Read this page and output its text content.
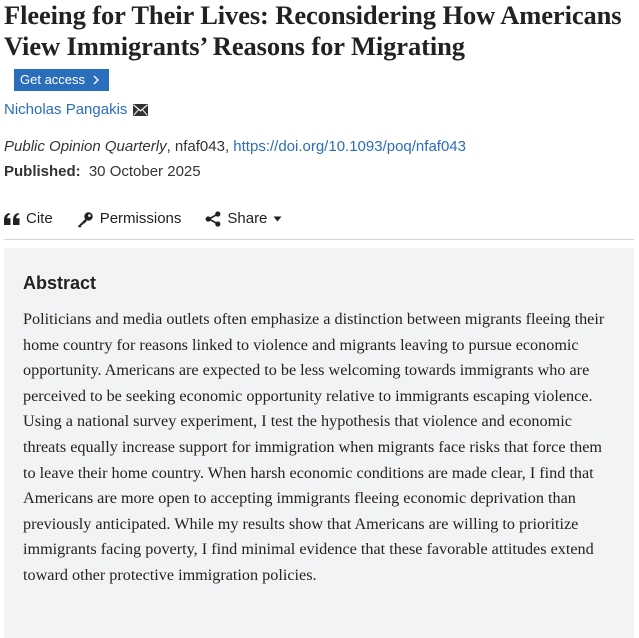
Fleeing for Their Lives: Reconsidering How Americans View Immigrants’ Reasons for Migrating
Get access
Nicholas Pangakis
Public Opinion Quarterly, nfaf043, https://doi.org/10.1093/poq/nfaf043
Published: 30 October 2025
Cite	Permissions	Share
Abstract

Politicians and media outlets often emphasize a distinction between migrants fleeing their home country for reasons linked to violence and migrants leaving to pursue economic opportunity. Americans are expected to be less welcoming towards immigrants who are perceived to be seeking economic opportunity relative to immigrants escaping violence. Using a national survey experiment, I test the hypothesis that violence and economic threats equally increase support for immigration when migrants face risks that force them to leave their home country. When harsh economic conditions are made clear, I find that Americans are more open to accepting immigrants fleeing economic deprivation than previously anticipated. While my results show that Americans are willing to prioritize immigrants facing poverty, I find minimal evidence that these favorable attitudes extend toward other protective immigration policies.
